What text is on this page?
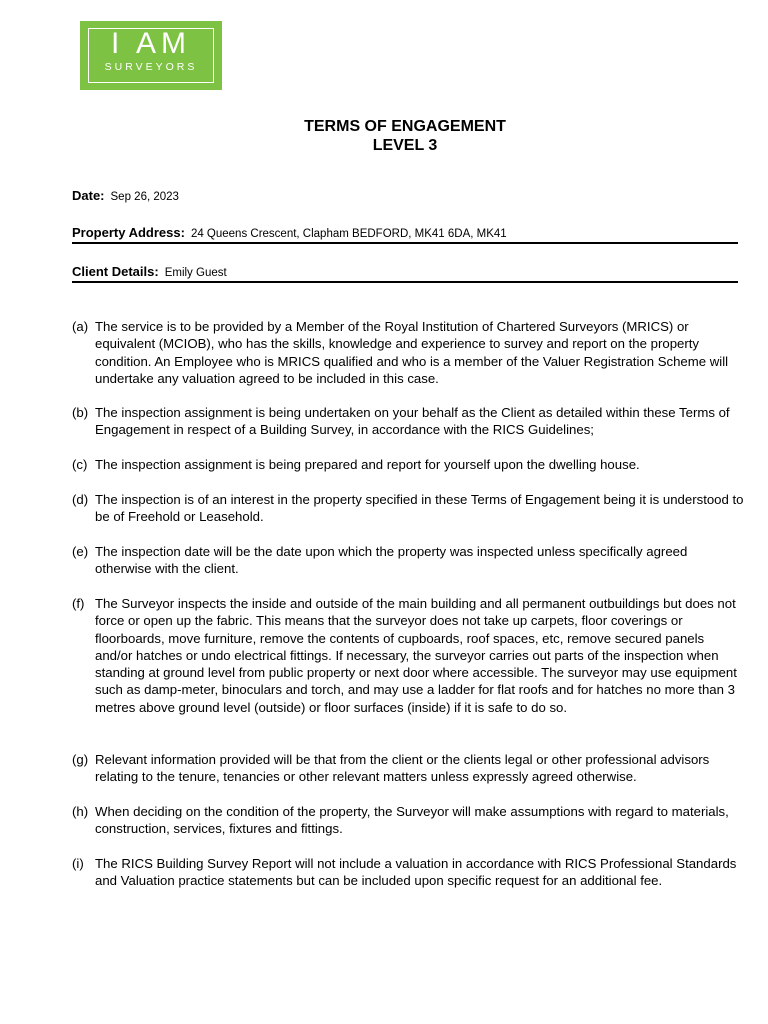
I AM
SURVEYORS
TERMS OF ENGAGEMENT
LEVEL 3
Date: Sep 26, 2023
Property Address: 24 Queens Crescent, Clapham BEDFORD, MK41 6DA, MK41
Client Details: Emily Guest
(a) The service is to be provided by a Member of the Royal Institution of Chartered Surveyors (MRICS) or equivalent (MCIOB), who has the skills, knowledge and experience to survey and report on the property condition. An Employee who is MRICS qualified and who is a member of the Valuer Registration Scheme will undertake any valuation agreed to be included in this case.
(b) The inspection assignment is being undertaken on your behalf as the Client as detailed within these Terms of Engagement in respect of a Building Survey, in accordance with the RICS Guidelines;
(c) The inspection assignment is being prepared and report for yourself upon the dwelling house.
(d) The inspection is of an interest in the property specified in these Terms of Engagement being it is understood to be of Freehold or Leasehold.
(e) The inspection date will be the date upon which the property was inspected unless specifically agreed otherwise with the client.
(f) The Surveyor inspects the inside and outside of the main building and all permanent outbuildings but does not force or open up the fabric. This means that the surveyor does not take up carpets, floor coverings or floorboards, move furniture, remove the contents of cupboards, roof spaces, etc, remove secured panels and/or hatches or undo electrical fittings. If necessary, the surveyor carries out parts of the inspection when standing at ground level from public property or next door where accessible. The surveyor may use equipment such as damp-meter, binoculars and torch, and may use a ladder for flat roofs and for hatches no more than 3 metres above ground level (outside) or floor surfaces (inside) if it is safe to do so.
(g) Relevant information provided will be that from the client or the clients legal or other professional advisors relating to the tenure, tenancies or other relevant matters unless expressly agreed otherwise.
(h) When deciding on the condition of the property, the Surveyor will make assumptions with regard to materials, construction, services, fixtures and fittings.
(i) The RICS Building Survey Report will not include a valuation in accordance with RICS Professional Standards and Valuation practice statements but can be included upon specific request for an additional fee.
